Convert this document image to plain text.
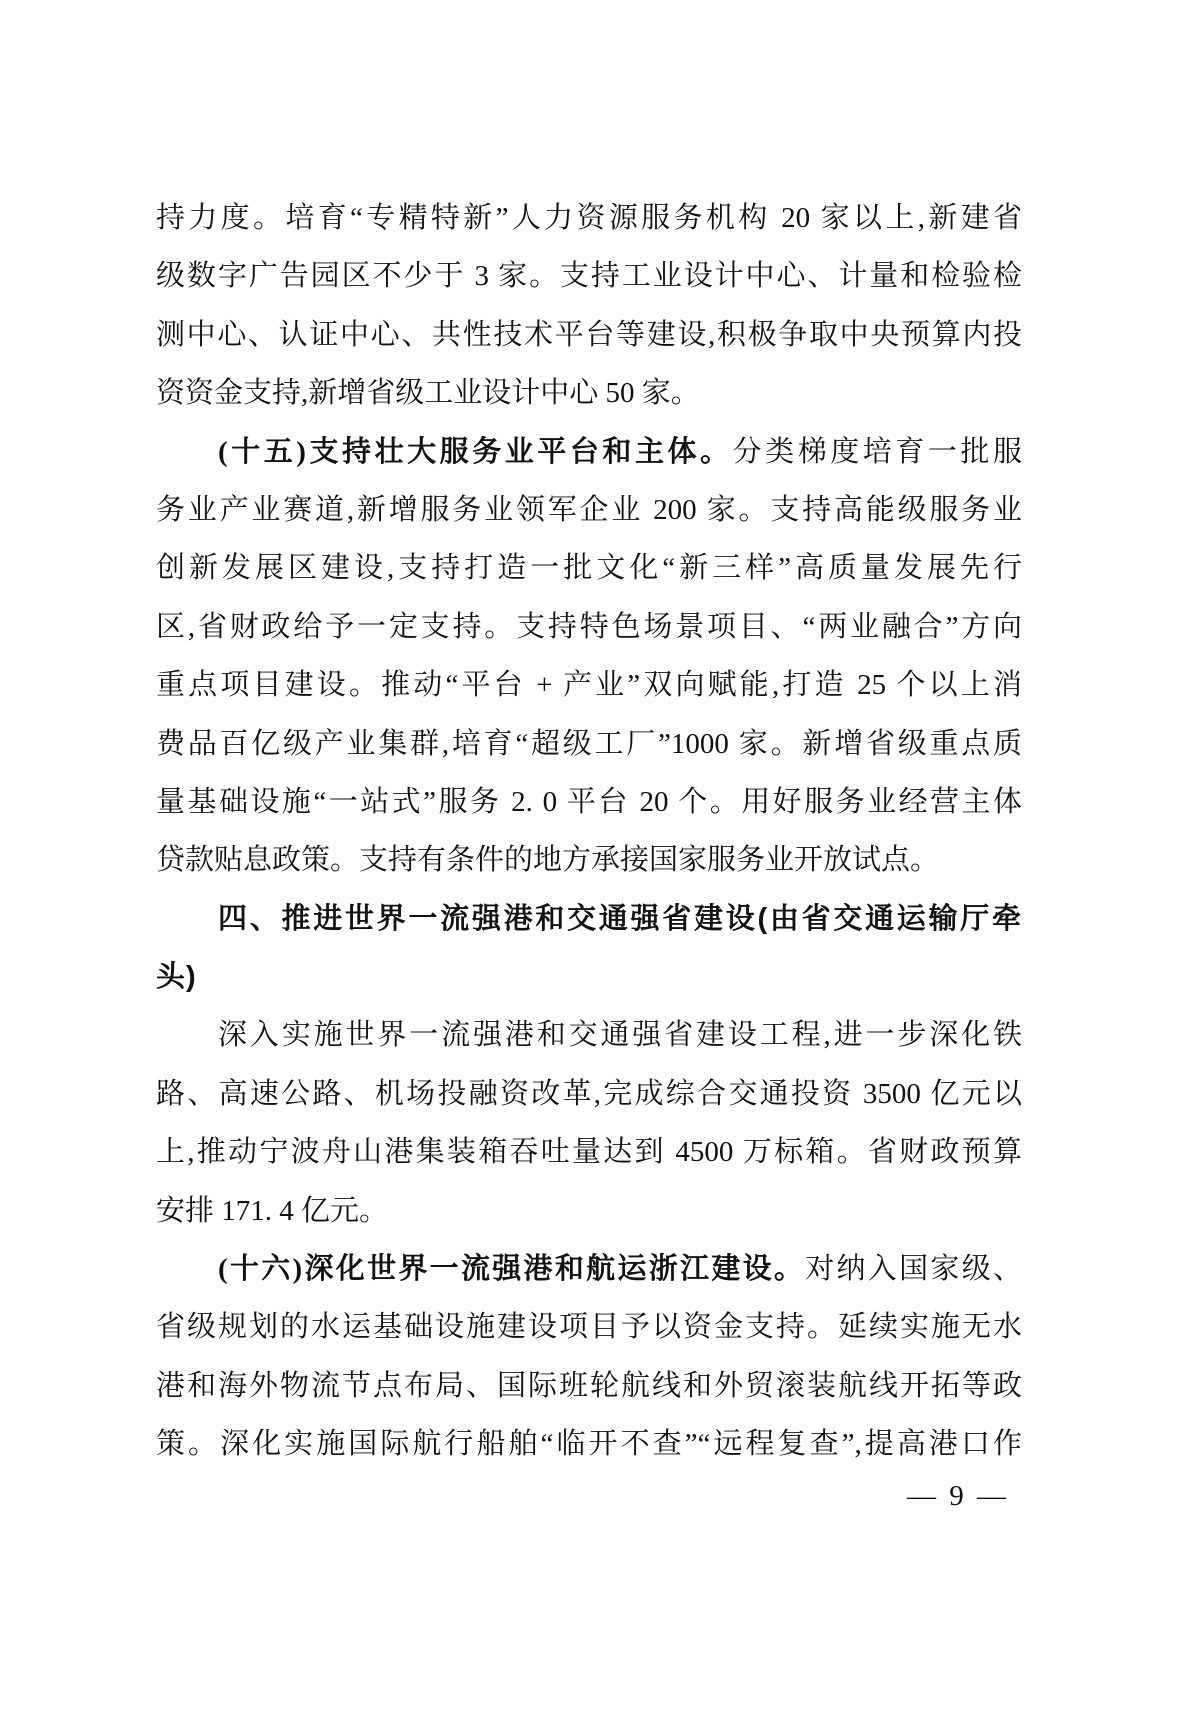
持力度。培育“专精特新”人力资源服务机构 20 家以上,新建省
级数字广告园区不少于 3 家。支持工业设计中心、计量和检验检
测中心、认证中心、共性技术平台等建设,积极争取中央预算内投
资资金支持,新增省级工业设计中心 50 家。
(十五)支持壮大服务业平台和主体。分类梯度培育一批服
务业产业赛道,新增服务业领军企业 200 家。支持高能级服务业
创新发展区建设,支持打造一批文化“新三样”高质量发展先行
区,省财政给予一定支持。支持特色场景项目、“两业融合”方向
重点项目建设。推动“平台 + 产业”双向赋能,打造 25 个以上消
费品百亿级产业集群,培育“超级工厂”1000 家。新增省级重点质
量基础设施“一站式”服务 2. 0 平台 20 个。用好服务业经营主体
贷款贴息政策。支持有条件的地方承接国家服务业开放试点。
四、推进世界一流强港和交通强省建设(由省交通运输厅牵
头)
深入实施世界一流强港和交通强省建设工程,进一步深化铁
路、高速公路、机场投融资改革,完成综合交通投资 3500 亿元以
上,推动宁波舟山港集装箱吞吐量达到 4500 万标箱。省财政预算
安排 171. 4 亿元。
(十六)深化世界一流强港和航运浙江建设。对纳入国家级、
省级规划的水运基础设施建设项目予以资金支持。延续实施无水
港和海外物流节点布局、国际班轮航线和外贸滚装航线开拓等政
策。深化实施国际航行船舶“临开不查”“远程复查”,提高港口作
— 9 —
